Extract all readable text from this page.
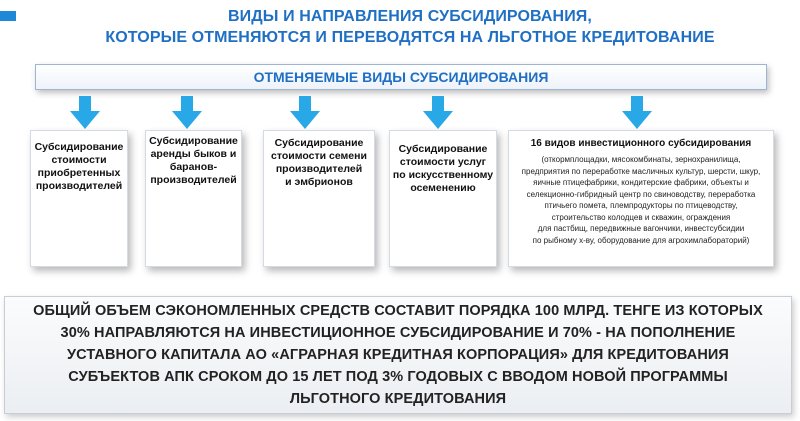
ВИДЫ И НАПРАВЛЕНИЯ СУБСИДИРОВАНИЯ,
КОТОРЫЕ ОТМЕНЯЮТСЯ И ПЕРЕВОДЯТСЯ НА ЛЬГОТНОЕ КРЕДИТОВАНИЕ
ОТМЕНЯЕМЫЕ ВИДЫ СУБСИДИРОВАНИЯ
Субсидирование
стоимости
приобретенных
производителей
Субсидирование
аренды быков и
баранов-
производителей
Субсидирование
стоимости семени
производителей
и эмбрионов
Субсидирование
стоимости услуг
по искусственному
осеменению
16 видов инвестиционного субсидирования
(откормплощадки, мясокомбинаты, зернохранилища,
предприятия по переработке масличных культур, шерсти, шкур,
яичные птицефабрики, кондитерские фабрики, объекты и
селекционно-гибридный центр по свиноводству, переработка
птичьего помета, племпродукторы по птицеводству,
строительство колодцев и скважин, ограждения
для пастбищ, передвижные вагончики, инвестсубсидии
по рыбному х-ву, оборудование для агрохимлабораторий)
ОБЩИЙ ОБЪЕМ СЭКОНОМЛЕННЫХ СРЕДСТВ СОСТАВИТ ПОРЯДКА 100 МЛРД. ТЕНГЕ ИЗ КОТОРЫХ
30% НАПРАВЛЯЮТСЯ НА ИНВЕСТИЦИОННОЕ СУБСИДИРОВАНИЕ И 70% - НА ПОПОЛНЕНИЕ
УСТАВНОГО КАПИТАЛА АО «АГРАРНАЯ КРЕДИТНАЯ КОРПОРАЦИЯ» ДЛЯ КРЕДИТОВАНИЯ
СУБЪЕКТОВ АПК СРОКОМ ДО 15 ЛЕТ ПОД 3% ГОДОВЫХ С ВВОДОМ НОВОЙ ПРОГРАММЫ
ЛЬГОТНОГО КРЕДИТОВАНИЯ
